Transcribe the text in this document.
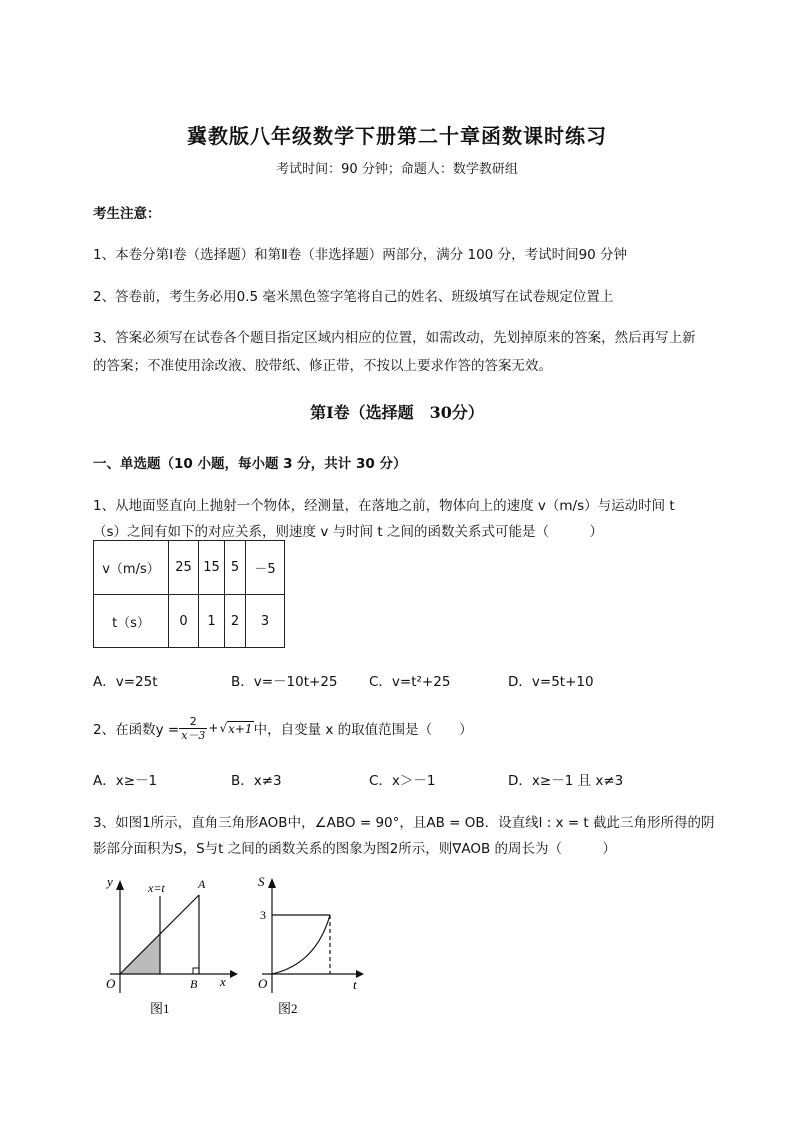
冀教版八年级数学下册第二十章函数课时练习
考试时间：90 分钟；命题人：数学教研组
考生注意：
1、本卷分第Ⅰ卷（选择题）和第Ⅱ卷（非选择题）两部分，满分 100 分，考试时间90 分钟
2、答卷前，考生务必用0.5 毫米黑色签字笔将自己的姓名、班级填写在试卷规定位置上
3、答案必须写在试卷各个题目指定区域内相应的位置，如需改动，先划掉原来的答案，然后再写上新
的答案；不准使用涂改液、胶带纸、修正带，不按以上要求作答的答案无效。
第Ⅰ卷（选择题　30分）
一、单选题（10 小题，每小题 3 分，共计 30 分）
1、从地面竖直向上抛射一个物体，经测量，在落地之前，物体向上的速度 v（m/s）与运动时间 t
（s）之间有如下的对应关系，则速度 v 与时间 t 之间的函数关系式可能是（　　　）
v（m/s）	25	15	5	－5
t（s）	0	1	2	3
A．v=25t	B．v=－10t+25 C．v=t²+25	D．v=5t+10
2、在函数$y = \frac{2}{x-3}$ + √ x+1 中，自变量 x 的取值范围是（　　）
A．x≥－1	B．x≠3	C．x＞－1	D．x≥－1 且 x≠3
3、如图1所示，直角三角形AOB中，∠ABO = 90°，且AB = OB．设直线l : x = t 截此三角形所得的阴
影部分面积为S，S与t 之间的函数关系的图象为图2所示，则∇AOB 的周长为（　　　）
y	x=t	A
O	B x
图1
S
3
O	t
图2
